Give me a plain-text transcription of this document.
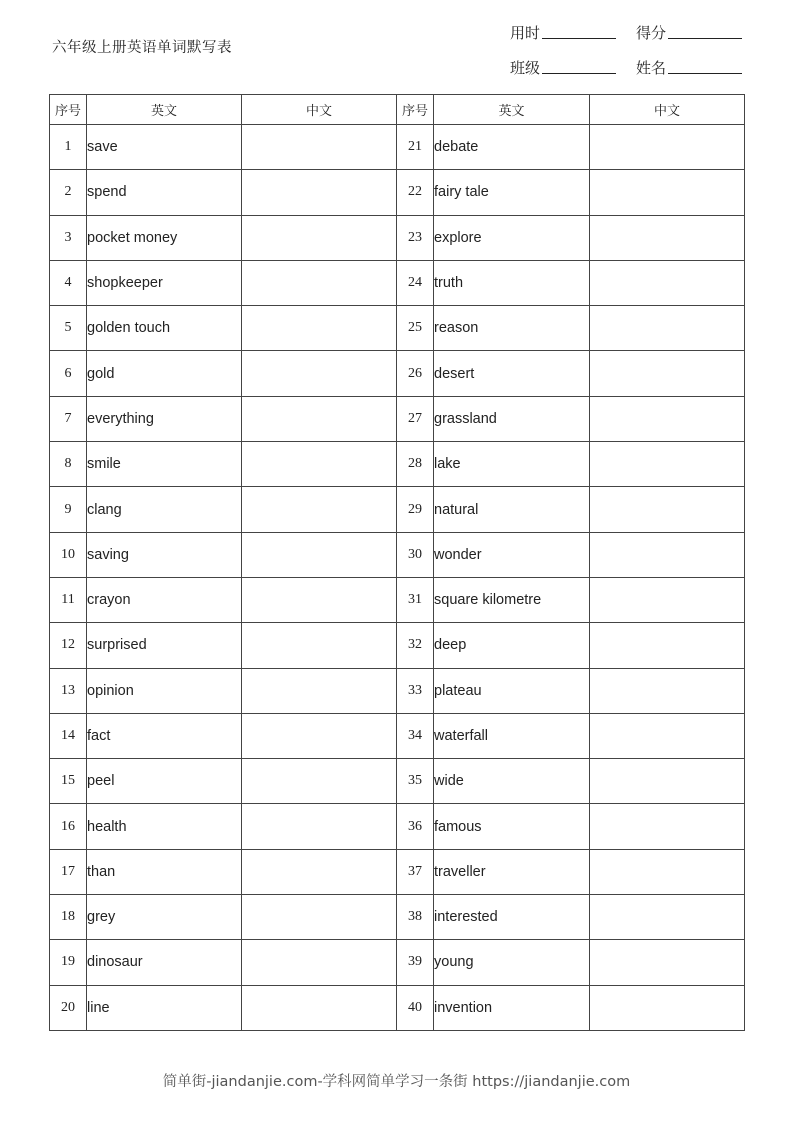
六年级上册英语单词默写表
用时	得分
班级	姓名
序号	英文	中文	序号	英文	中文
1	save		21	debate	
2	spend		22	fairy tale	
3	pocket money		23	explore	
4	shopkeeper		24	truth	
5	golden touch		25	reason	
6	gold		26	desert	
7	everything		27	grassland	
8	smile		28	lake	
9	clang		29	natural	
10	saving		30	wonder	
11	crayon		31	square kilometre	
12	surprised		32	deep	
13	opinion		33	plateau	
14	fact		34	waterfall	
15	peel		35	wide	
16	health		36	famous	
17	than		37	traveller	
18	grey		38	interested	
19	dinosaur		39	young	
20	line		40	invention	
简单街-jiandanjie.com-学科网简单学习一条街 https://jiandanjie.com
